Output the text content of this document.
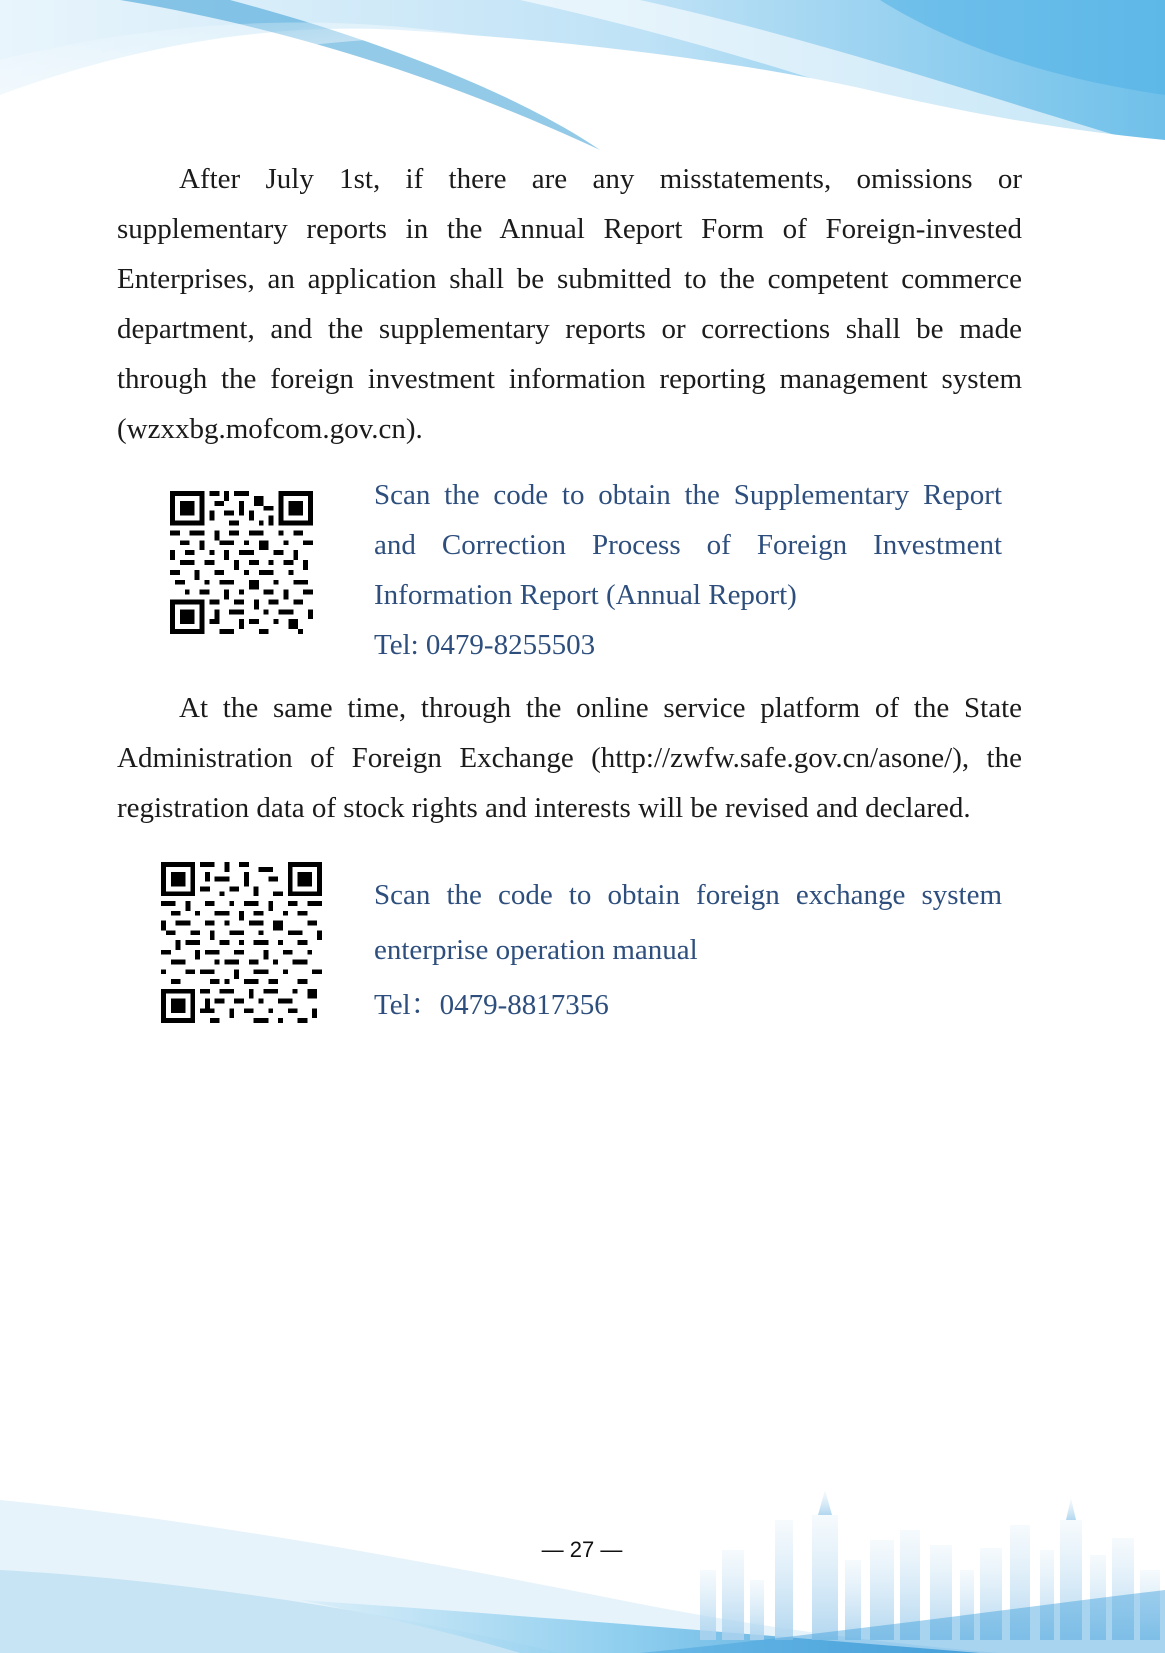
After July 1st, if there are any misstatements, omissions or supplementary reports in the Annual Report Form of Foreign-invested Enterprises, an application shall be submitted to the competent commerce department, and the supplementary reports or corrections shall be made through the foreign investment information reporting management system (wzxxbg.mofcom.gov.cn).

Scan the code to obtain the Supplementary Report and Correction Process of Foreign Investment Information Report (Annual Report)
Tel: 0479-8255503

At the same time, through the online service platform of the State Administration of Foreign Exchange (http://zwfw.safe.gov.cn/asone/), the registration data of stock rights and interests will be revised and declared.

Scan the code to obtain foreign exchange system enterprise operation manual
Tel：0479-8817356
— 27 —
